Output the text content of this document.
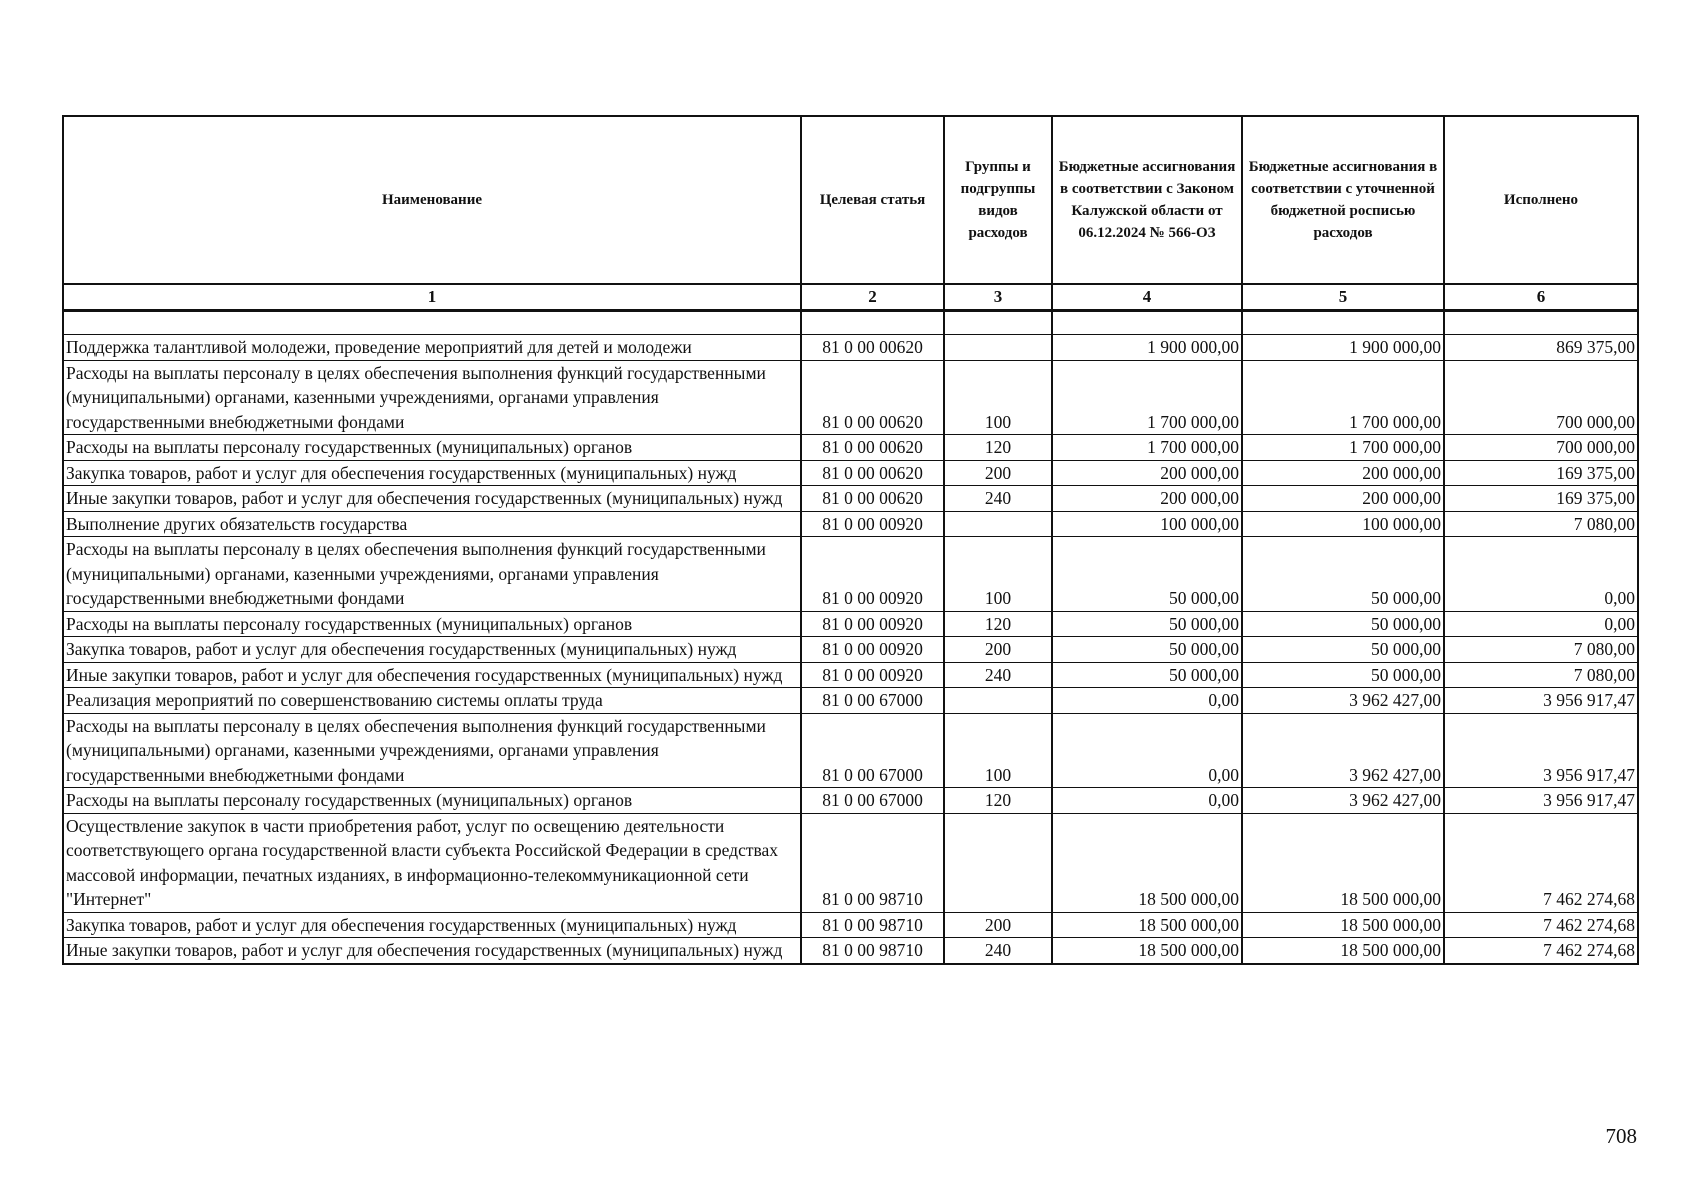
Наименование	Целевая статья	Группы и подгруппы видов расходов	Бюджетные ассигнования в соответствии с Законом Калужской области от 06.12.2024 № 566-ОЗ	Бюджетные ассигнования в соответствии с уточненной бюджетной росписью расходов	Исполнено
1	2	3	4	5	6

Поддержка талантливой молодежи, проведение мероприятий для детей и молодежи	81 0 00 00620		1 900 000,00	1 900 000,00	869 375,00
Расходы на выплаты персоналу в целях обеспечения выполнения функций государственными (муниципальными) органами, казенными учреждениями, органами управления государственными внебюджетными фондами	81 0 00 00620	100	1 700 000,00	1 700 000,00	700 000,00
Расходы на выплаты персоналу государственных (муниципальных) органов	81 0 00 00620	120	1 700 000,00	1 700 000,00	700 000,00
Закупка товаров, работ и услуг для обеспечения государственных (муниципальных) нужд	81 0 00 00620	200	200 000,00	200 000,00	169 375,00
Иные закупки товаров, работ и услуг для обеспечения государственных (муниципальных) нужд	81 0 00 00620	240	200 000,00	200 000,00	169 375,00
Выполнение других обязательств государства	81 0 00 00920		100 000,00	100 000,00	7 080,00
Расходы на выплаты персоналу в целях обеспечения выполнения функций государственными (муниципальными) органами, казенными учреждениями, органами управления государственными внебюджетными фондами	81 0 00 00920	100	50 000,00	50 000,00	0,00
Расходы на выплаты персоналу государственных (муниципальных) органов	81 0 00 00920	120	50 000,00	50 000,00	0,00
Закупка товаров, работ и услуг для обеспечения государственных (муниципальных) нужд	81 0 00 00920	200	50 000,00	50 000,00	7 080,00
Иные закупки товаров, работ и услуг для обеспечения государственных (муниципальных) нужд	81 0 00 00920	240	50 000,00	50 000,00	7 080,00
Реализация мероприятий по совершенствованию системы оплаты труда	81 0 00 67000		0,00	3 962 427,00	3 956 917,47
Расходы на выплаты персоналу в целях обеспечения выполнения функций государственными (муниципальными) органами, казенными учреждениями, органами управления государственными внебюджетными фондами	81 0 00 67000	100	0,00	3 962 427,00	3 956 917,47
Расходы на выплаты персоналу государственных (муниципальных) органов	81 0 00 67000	120	0,00	3 962 427,00	3 956 917,47
Осуществление закупок в части приобретения работ, услуг по освещению деятельности соответствующего органа государственной власти субъекта Российской Федерации в средствах массовой информации, печатных изданиях, в информационно-телекоммуникационной сети "Интернет"	81 0 00 98710		18 500 000,00	18 500 000,00	7 462 274,68
Закупка товаров, работ и услуг для обеспечения государственных (муниципальных) нужд	81 0 00 98710	200	18 500 000,00	18 500 000,00	7 462 274,68
Иные закупки товаров, работ и услуг для обеспечения государственных (муниципальных) нужд	81 0 00 98710	240	18 500 000,00	18 500 000,00	7 462 274,68
708
